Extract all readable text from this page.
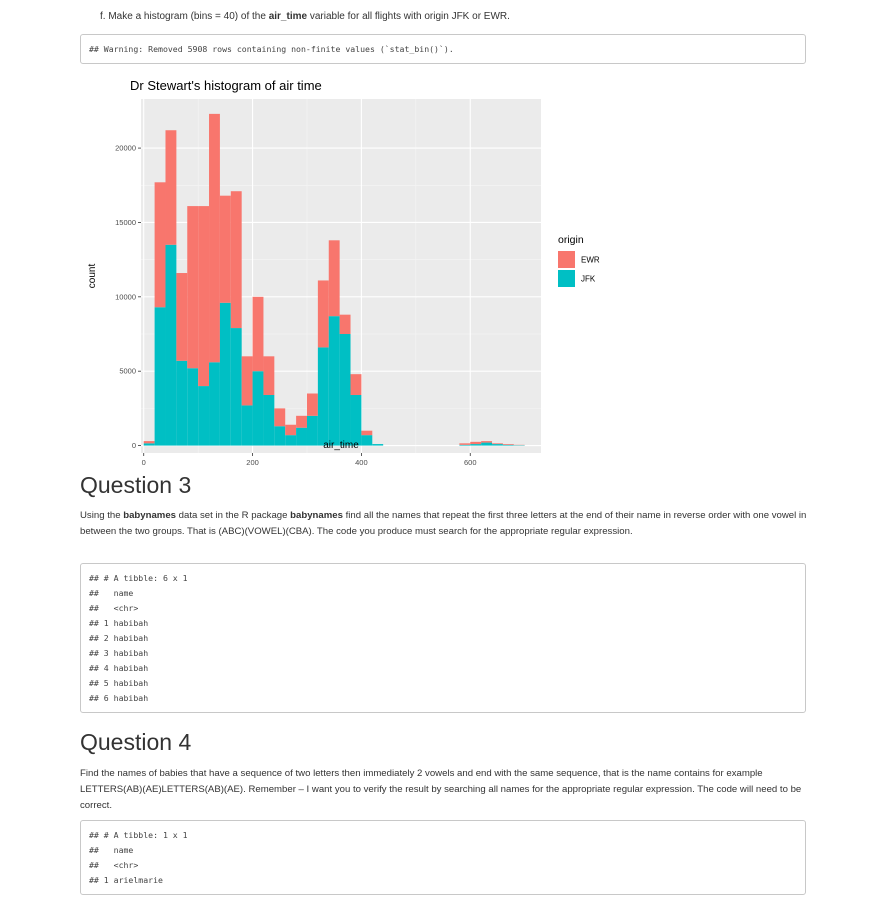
f. Make a histogram (bins = 40) of the air_time variable for all flights with origin JFK or EWR.
## Warning: Removed 5908 rows containing non-finite values (`stat_bin()`).
Dr Stewart's histogram of air time
0	200	400	600
0
5000
10000
15000
20000
air_time
count
origin
EWR
JFK
Question 3
Using the babynames data set in the R package babynames find all the names that repeat the first three letters at the end of their name in reverse order with one vowel in between the two groups. That is (ABC)(VOWEL)(CBA). The code you produce must search for the appropriate regular expression.
## # A tibble: 6 x 1
##   name
##   <chr>
## 1 habibah
## 2 habibah
## 3 habibah
## 4 habibah
## 5 habibah
## 6 habibah
Question 4
Find the names of babies that have a sequence of two letters then immediately 2 vowels and end with the same sequence, that is the name contains for example LETTERS(AB)(AE)LETTERS(AB)(AE). Remember – I want you to verify the result by searching all names for the appropriate regular expression. The code will need to be correct.
## # A tibble: 1 x 1
##   name
##   <chr>
## 1 arielmarie
